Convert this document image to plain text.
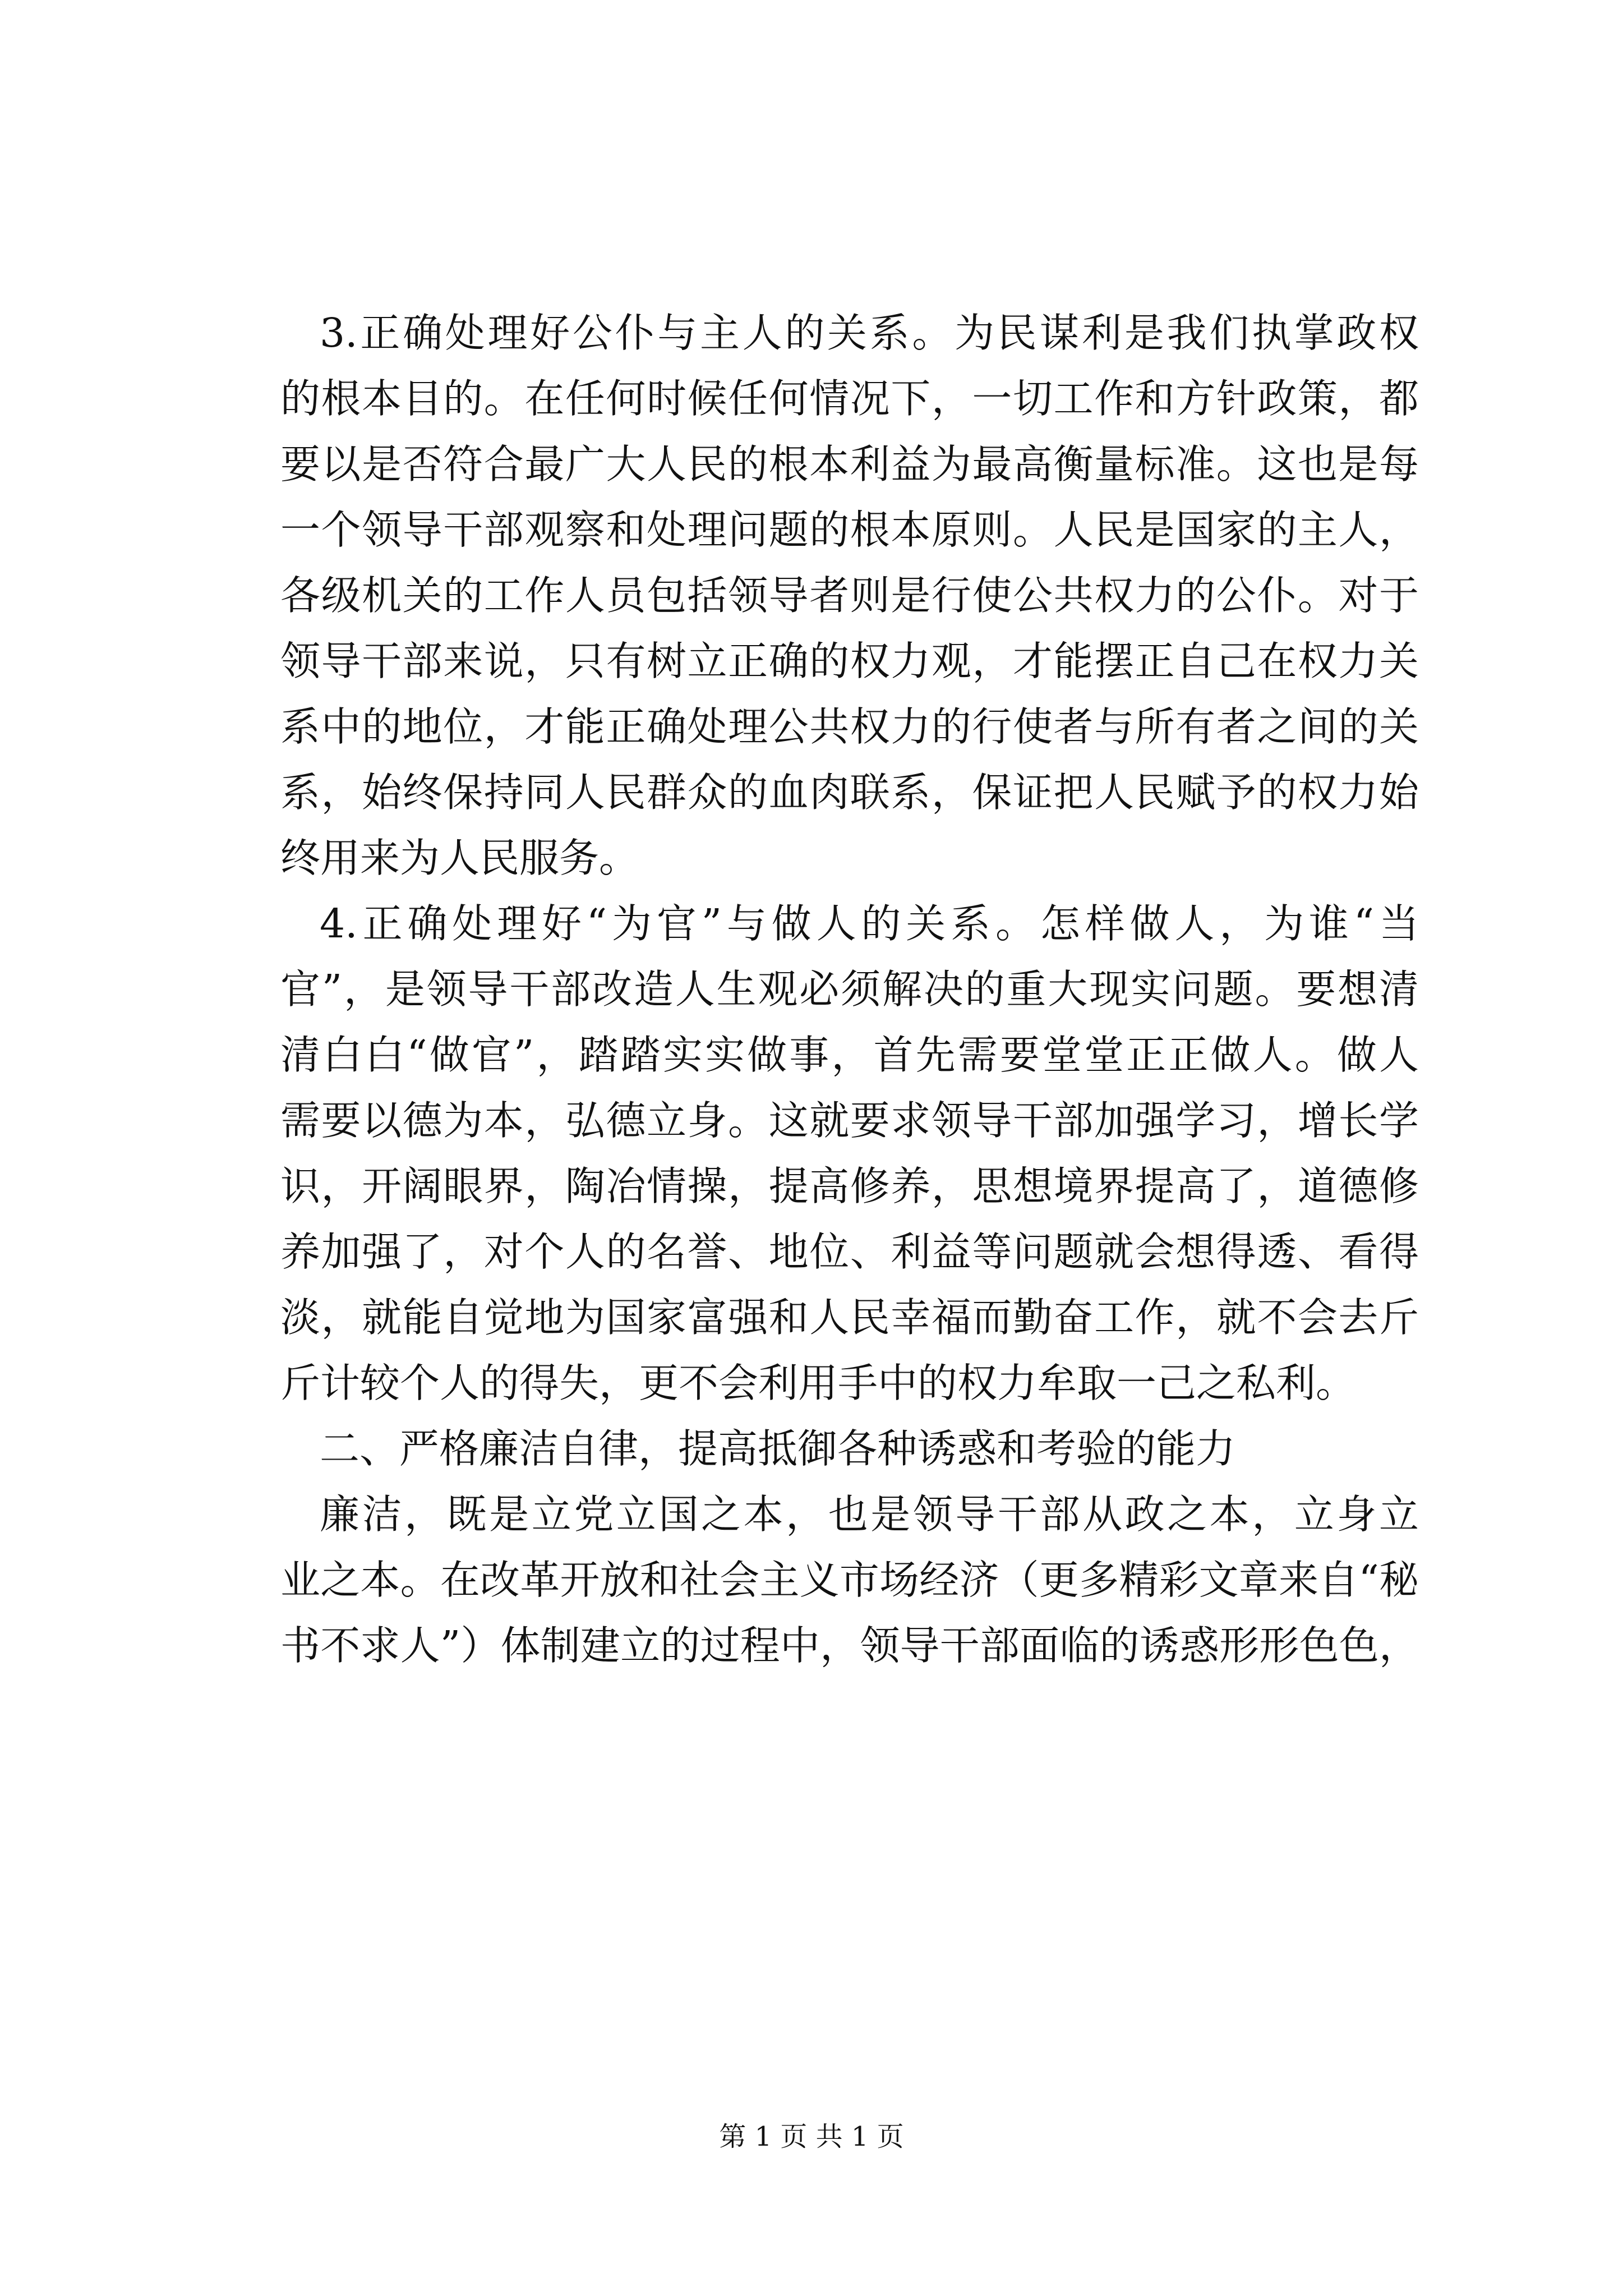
3.正确处理好公仆与主人的关系。为民谋利是我们执掌政权
的根本目的。在任何时候任何情况下，一切工作和方针政策，都
要以是否符合最广大人民的根本利益为最高衡量标准。这也是每
一个领导干部观察和处理问题的根本原则。人民是国家的主人，
各级机关的工作人员包括领导者则是行使公共权力的公仆。对于
领导干部来说，只有树立正确的权力观，才能摆正自己在权力关
系中的地位，才能正确处理公共权力的行使者与所有者之间的关
系，始终保持同人民群众的血肉联系，保证把人民赋予的权力始
终用来为人民服务。
4.正确处理好“为官”与做人的关系。怎样做人，为谁“当
官”，是领导干部改造人生观必须解决的重大现实问题。要想清
清白白“做官”，踏踏实实做事，首先需要堂堂正正做人。做人
需要以德为本，弘德立身。这就要求领导干部加强学习，增长学
识，开阔眼界，陶冶情操，提高修养，思想境界提高了，道德修
养加强了，对个人的名誉、地位、利益等问题就会想得透、看得
淡，就能自觉地为国家富强和人民幸福而勤奋工作，就不会去斤
斤计较个人的得失，更不会利用手中的权力牟取一己之私利。
二、严格廉洁自律，提高抵御各种诱惑和考验的能力
廉洁，既是立党立国之本，也是领导干部从政之本，立身立
业之本。在改革开放和社会主义市场经济（更多精彩文章来自“秘
书不求人”）体制建立的过程中，领导干部面临的诱惑形形色色，
第 1 页 共 1 页
